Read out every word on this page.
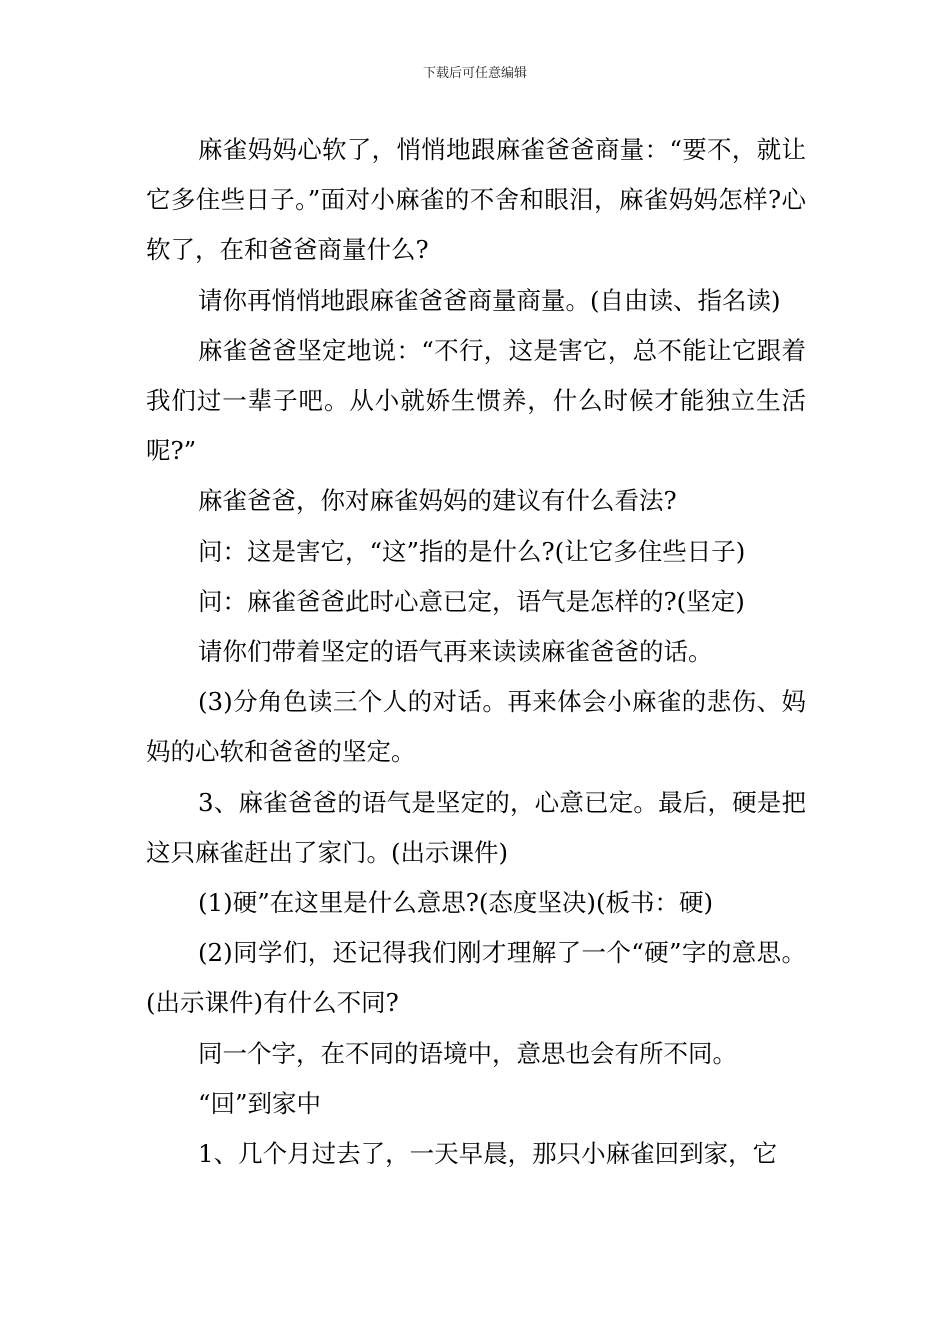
下载后可任意编辑

麻雀妈妈心软了，悄悄地跟麻雀爸爸商量：“要不，就让它多住些日子。”面对小麻雀的不舍和眼泪，麻雀妈妈怎样?心软了，在和爸爸商量什么?

请你再悄悄地跟麻雀爸爸商量商量。(自由读、指名读)

麻雀爸爸坚定地说：“不行，这是害它，总不能让它跟着我们过一辈子吧。从小就娇生惯养，什么时候才能独立生活呢?”

麻雀爸爸，你对麻雀妈妈的建议有什么看法?

问：这是害它，“这”指的是什么?(让它多住些日子)

问：麻雀爸爸此时心意已定，语气是怎样的?(坚定)

请你们带着坚定的语气再来读读麻雀爸爸的话。

(3)分角色读三个人的对话。再来体会小麻雀的悲伤、妈妈的心软和爸爸的坚定。

3、麻雀爸爸的语气是坚定的，心意已定。最后，硬是把这只麻雀赶出了家门。(出示课件)

(1)硬”在这里是什么意思?(态度坚决)(板书：硬)

(2)同学们，还记得我们刚才理解了一个“硬”字的意思。(出示课件)有什么不同?

同一个字，在不同的语境中，意思也会有所不同。

“回”到家中

1、几个月过去了，一天早晨，那只小麻雀回到家，它
